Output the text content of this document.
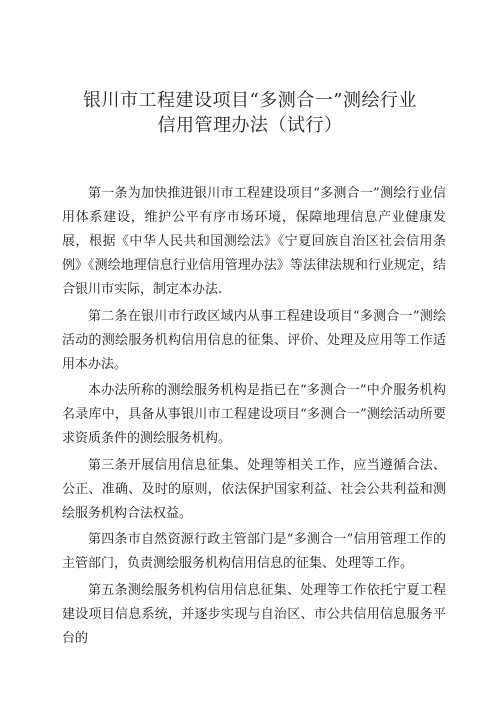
银川市工程建设项目“多测合一”测绘行业
信用管理办法（试行）

第一条为加快推进银川市工程建设项目“多测合一”测绘行业信用体系建设，维护公平有序市场环境，保障地理信息产业健康发展，根据《中华人民共和国测绘法》《宁夏回族自治区社会信用条例》《测绘地理信息行业信用管理办法》等法律法规和行业规定，结合银川市实际，制定本办法.

第二条在银川市行政区域内从事工程建设项目“多测合一”测绘活动的测绘服务机构信用信息的征集、评价、处理及应用等工作适用本办法。

本办法所称的测绘服务机构是指已在“多测合一”中介服务机构名录库中，具备从事银川市工程建设项目“多测合一”测绘活动所要求资质条件的测绘服务机构。

第三条开展信用信息征集、处理等相关工作，应当遵循合法、公正、准确、及时的原则，依法保护国家利益、社会公共利益和测绘服务机构合法权益。

第四条市自然资源行政主管部门是“多测合一”信用管理工作的主管部门，负责测绘服务机构信用信息的征集、处理等工作。

第五条测绘服务机构信用信息征集、处理等工作依托宁夏工程建设项目信息系统，并逐步实现与自治区、市公共信用信息服务平台的
